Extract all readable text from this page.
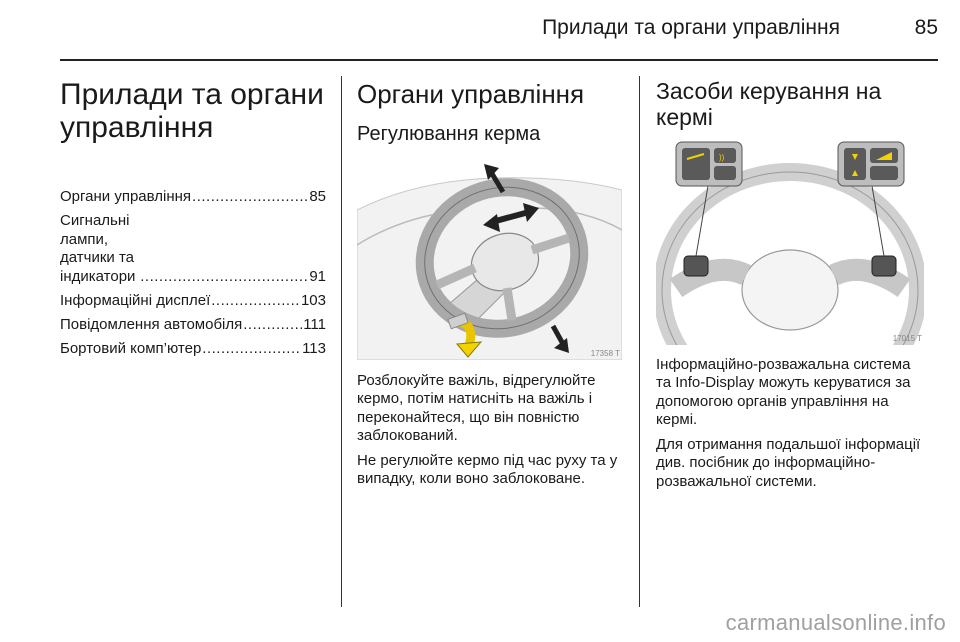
Прилади та органи управління	85
Прилади та органи управління
Органи управління .....	85
Сигнальні лампи, датчики та індикатори .....	91
Інформаційні дисплеї .....	103
Повідомлення автомобіля .....	111
Бортовий комп’ютер .....	113
Органи управління
Регулювання керма
17358 T

Розблокуйте важіль, відрегулюйте кермо, потім натисніть на важіль і переконайтеся, що він повністю заблокований.

Не регулюйте кермо під час руху та у випадку, коли воно заблоковане.

Засоби керування на кермі
))
17015 T

Інформаційно-розважальна система та Info-Display можуть керуватися за допомогою органів управління на кермі.

Для отримання подальшої інформації див. посібник до інформаційно-розважальної системи.

carmanualsonline.info
